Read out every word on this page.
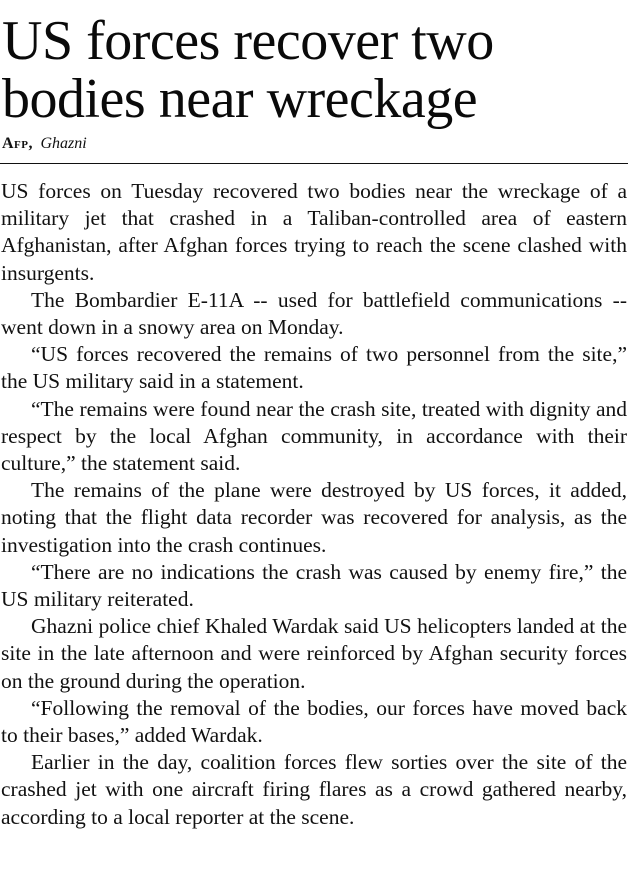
US forces recover two bodies near wreckage
Afp, Ghazni

US forces on Tuesday recovered two bodies near the wreckage of a military jet that crashed in a Taliban-controlled area of eastern Afghanistan, after Afghan forces trying to reach the scene clashed with insurgents.

The Bombardier E-11A -- used for battlefield communications -- went down in a snowy area on Monday.

“US forces recovered the remains of two personnel from the site,” the US military said in a statement.

“The remains were found near the crash site, treated with dignity and respect by the local Afghan community, in accordance with their culture,” the statement said.

The remains of the plane were destroyed by US forces, it added, noting that the flight data recorder was recovered for analysis, as the investigation into the crash continues.

“There are no indications the crash was caused by enemy fire,” the US military reiterated.

Ghazni police chief Khaled Wardak said US helicopters landed at the site in the late afternoon and were reinforced by Afghan security forces on the ground during the operation.

“Following the removal of the bodies, our forces have moved back to their bases,” added Wardak.

Earlier in the day, coalition forces flew sorties over the site of the crashed jet with one aircraft firing flares as a crowd gathered nearby, according to a local reporter at the scene.
